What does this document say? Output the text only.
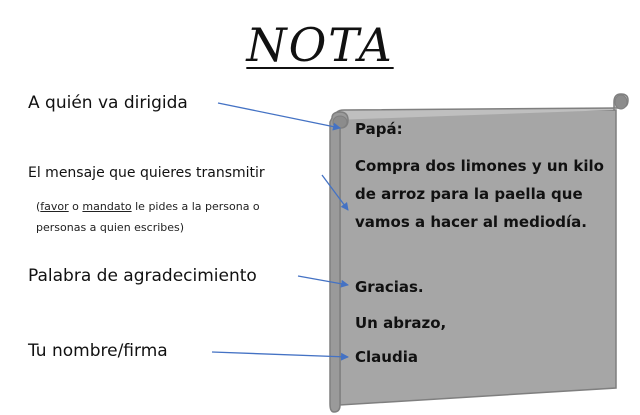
NOTA
A quién va dirigida
El mensaje que quieres transmitir
(favor o mandato le pides a la persona o personas a quien escribes)
Palabra de agradecimiento
Tu nombre/firma
Papá:
Compra dos limones y un kilo de arroz para la paella que vamos a hacer al mediodía.
Gracias.
Un abrazo,
Claudia
